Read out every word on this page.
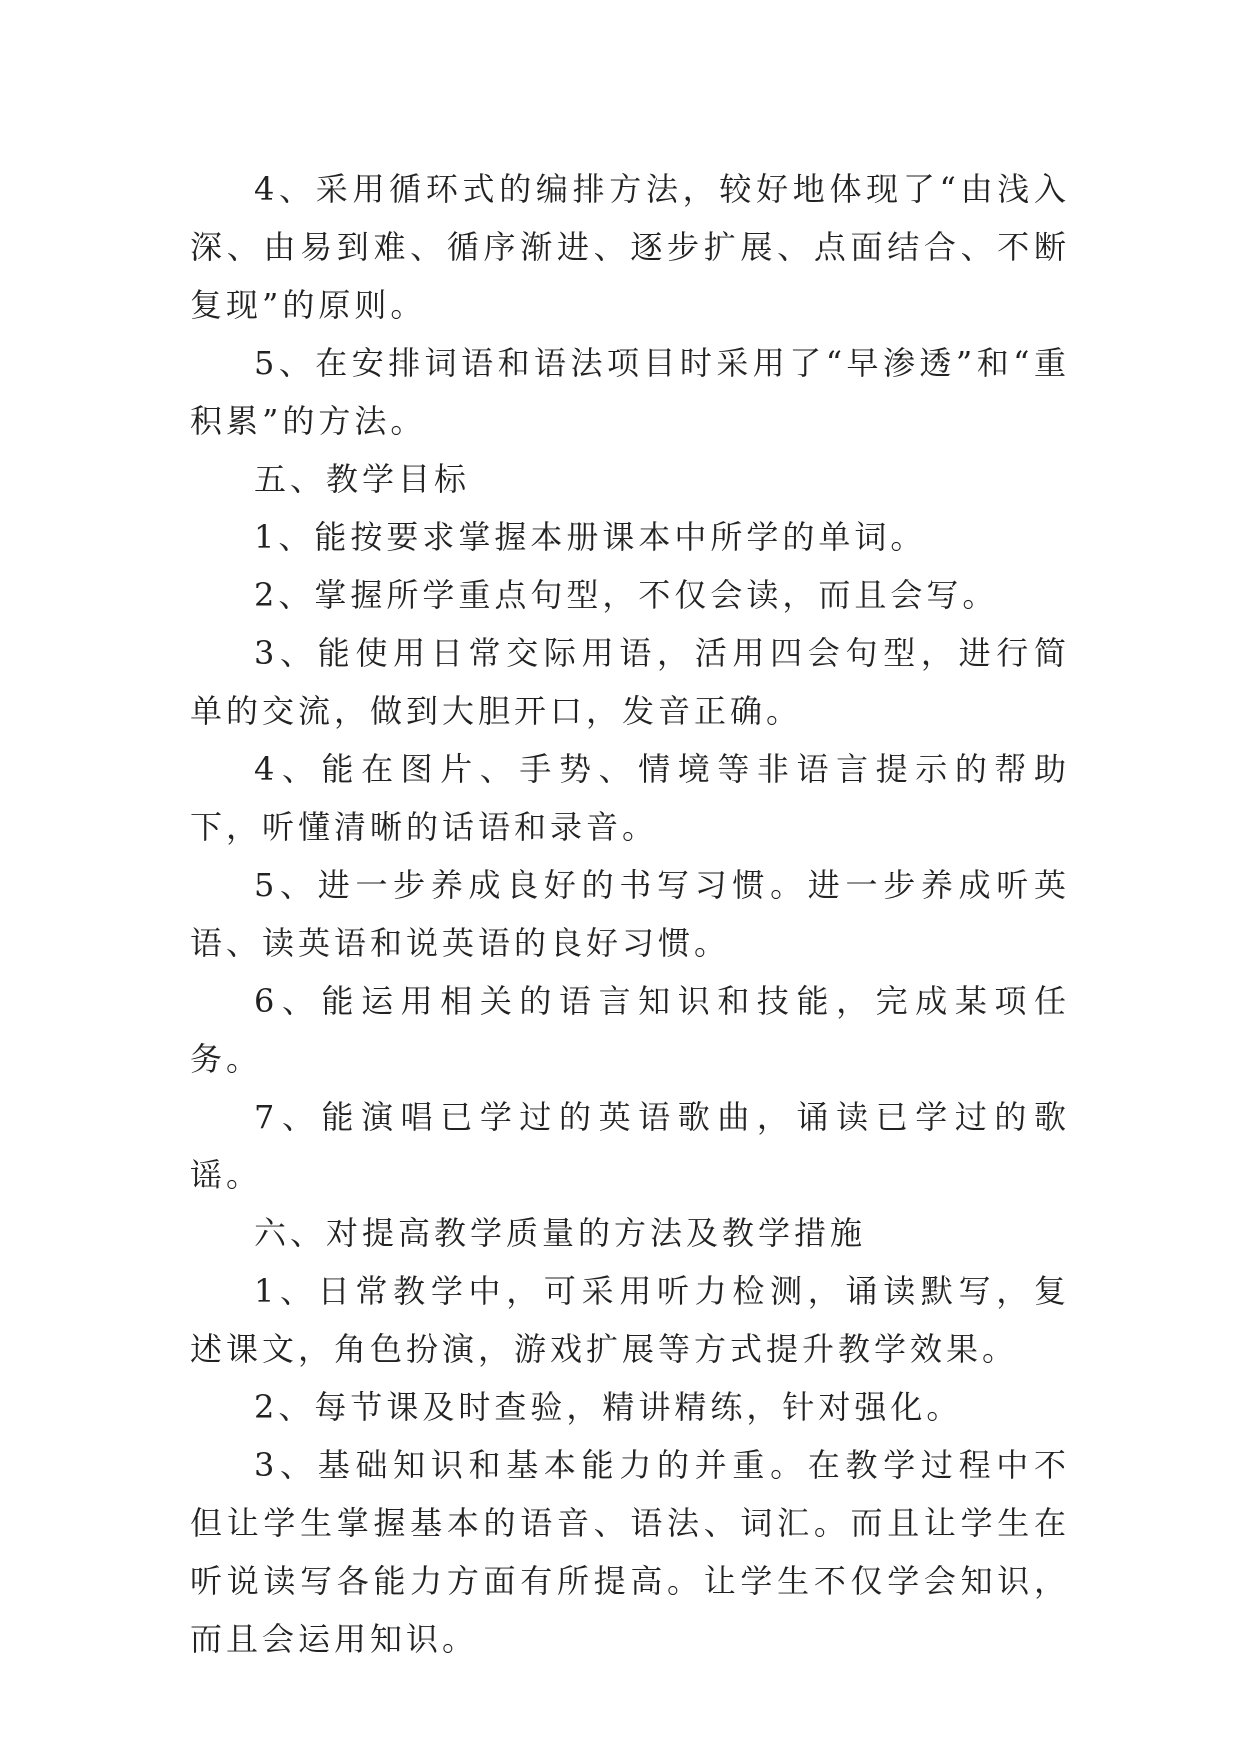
4、采用循环式的编排方法，较好地体现了“由浅入深、由易到难、循序渐进、逐步扩展、点面结合、不断复现”的原则。

5、在安排词语和语法项目时采用了“早渗透”和“重积累”的方法。

五、教学目标

1、能按要求掌握本册课本中所学的单词。

2、掌握所学重点句型，不仅会读，而且会写。

3、能使用日常交际用语，活用四会句型，进行简单的交流，做到大胆开口，发音正确。

4、能在图片、手势、情境等非语言提示的帮助下，听懂清晰的话语和录音。

5、进一步养成良好的书写习惯。进一步养成听英语、读英语和说英语的良好习惯。

6、能运用相关的语言知识和技能，完成某项任务。

7、能演唱已学过的英语歌曲，诵读已学过的歌谣。

六、对提高教学质量的方法及教学措施

1、日常教学中，可采用听力检测，诵读默写，复述课文，角色扮演，游戏扩展等方式提升教学效果。

2、每节课及时查验，精讲精练，针对强化。

3、基础知识和基本能力的并重。在教学过程中不但让学生掌握基本的语音、语法、词汇。而且让学生在听说读写各能力方面有所提高。让学生不仅学会知识，而且会运用知识。
